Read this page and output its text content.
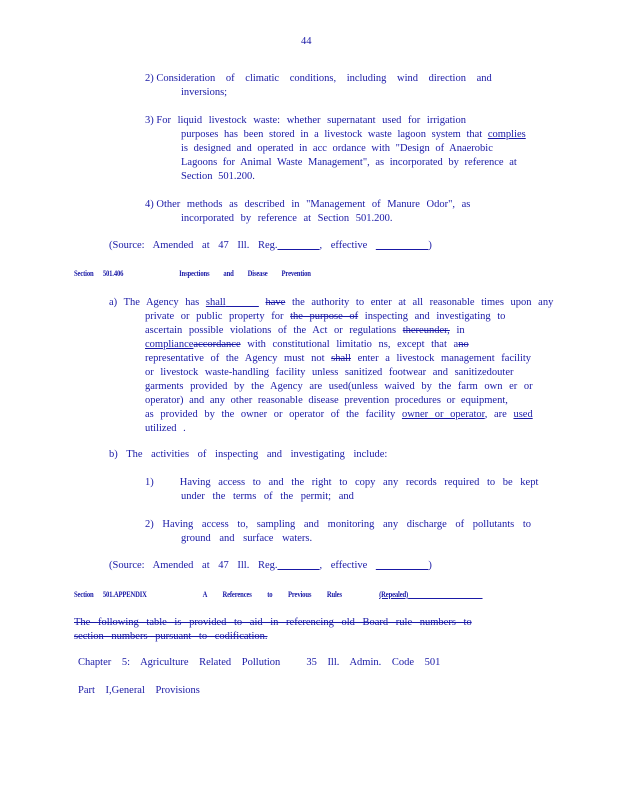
44
2) Consideration of climatic conditions, including wind direction and
inversions;
3) For liquid livestock waste: whether supernatant used for irrigation
purposes has been stored in a livestock waste lagoon system that complies
is designed and operated in acc ordance with "Design of Anaerobic
Lagoons for Animal Waste Management", as incorporated by reference at
Section 501.200.
4) Other methods as described in "Management of Manure Odor", as
incorporated by reference at Section 501.200.
(Source: Amended at 47 Ill. Reg.________, effective __________)
Section 501.406	Inspections and Disease Prevention
a) The Agency has shall	have the authority to enter at all reasonable times upon any
private or public property for the purpose of inspecting and investigating to
ascertain possible violations of the Act or regulations thereunder, in
complianceaccordance with constitutional limitatio ns, except that ano
representative of the Agency must not shall enter a livestock management facility
or livestock waste-handling facility unless sanitized footwear and sanitizedouter
garments provided by the Agency are used(unless waived by the farm own er or
operator) and any other reasonable disease prevention procedures or equipment,
as provided by the owner or operator of the facility owner or operator, are used
utilized .
b) The activities of inspecting and investigating include:
1) Having access to and the right to copy any records required to be kept
under the terms of the permit; and
2) Having access to, sampling and monitoring any discharge of pollutants to
ground and surface waters.
(Source: Amended at 47 Ill. Reg.________, effective __________)
Section 501.APPENDIX	A References to Previous Rules	(Repealed)
The following table is provided to aid in referencing old Board rule numbers to
section numbers pursuant to codification.
Chapter 5: Agriculture Related Pollution 35 Ill. Admin. Code 501
Part I,General Provisions
